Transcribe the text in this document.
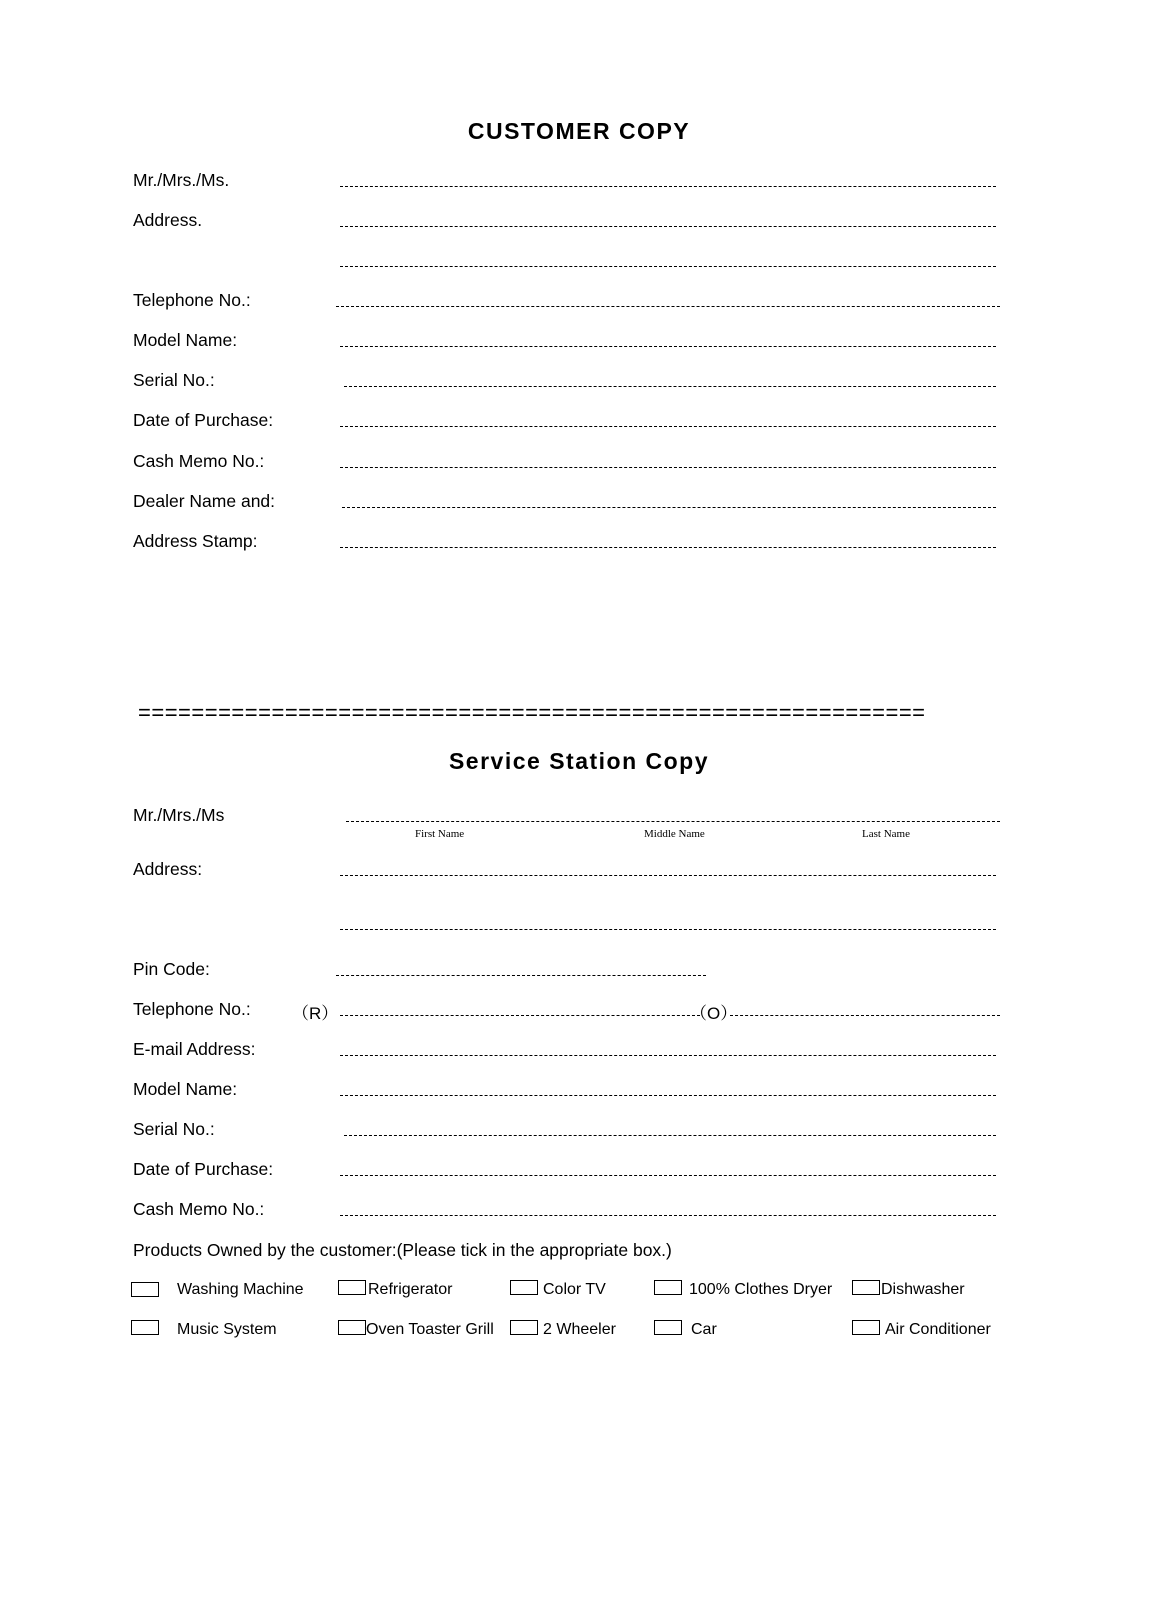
CUSTOMER COPY
Mr./Mrs./Ms.
Address.
Telephone No.:
Model Name:
Serial No.:
Date of Purchase:
Cash Memo No.:
Dealer Name and:
Address Stamp:
===========================================================
Service Station Copy
Mr./Mrs./Ms
First Name	Middle Name	Last Name
Address:
Pin Code:
Telephone No.: （R）	（O）
E-mail Address:
Model Name:
Serial No.:
Date of Purchase:
Cash Memo No.:
Products Owned by the customer:(Please tick in the appropriate box.)
Washing Machine	Refrigerator	Color TV	100% Clothes Dryer	Dishwasher
Music System	Oven Toaster Grill	2 Wheeler	Car	Air Conditioner
